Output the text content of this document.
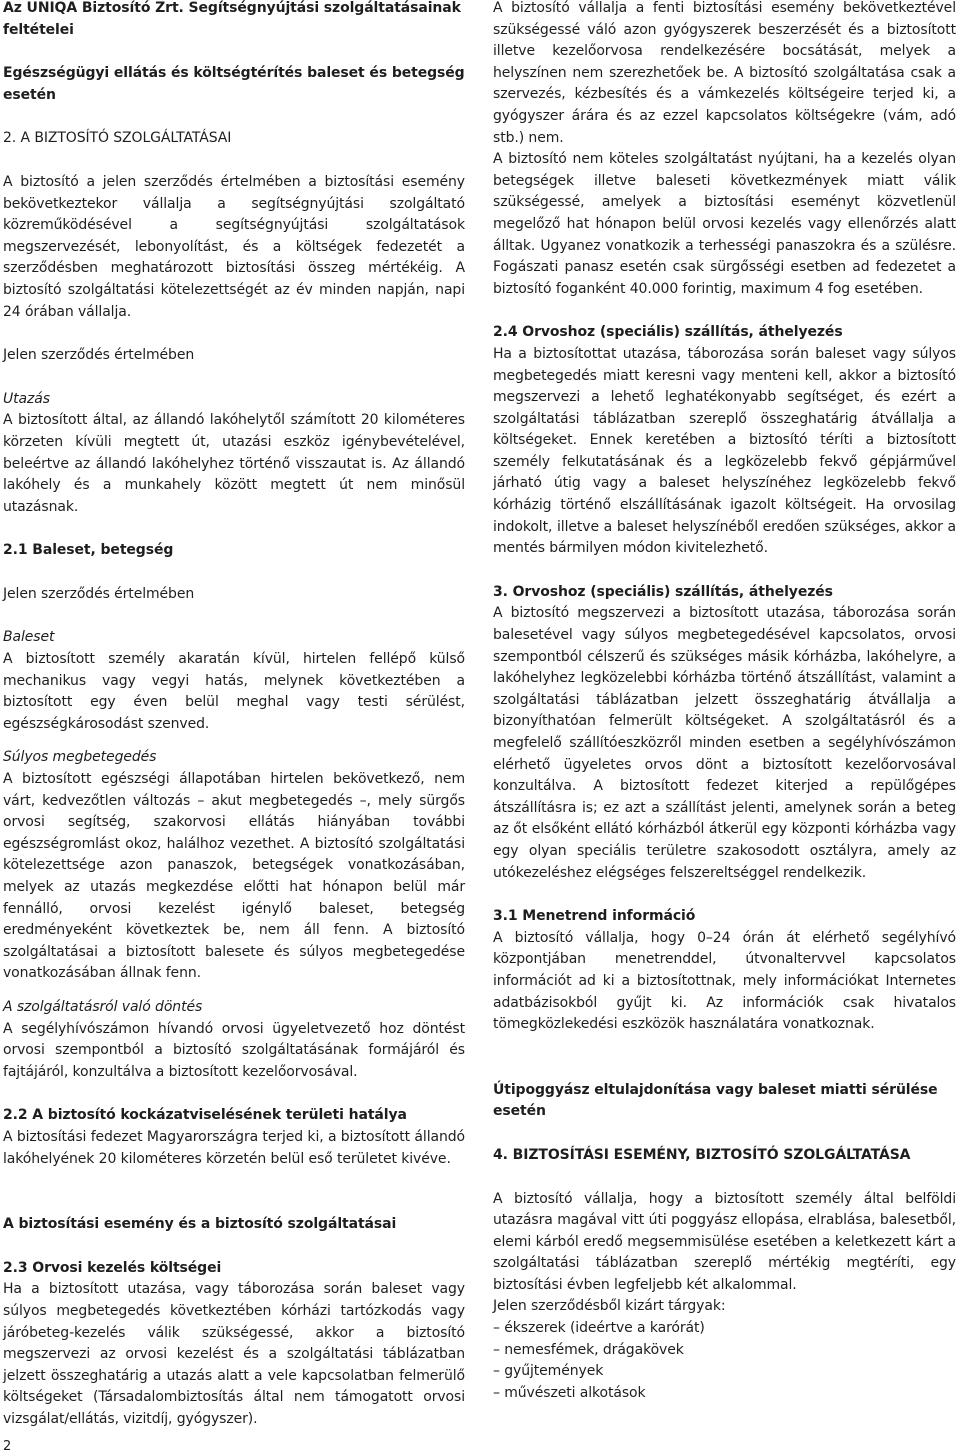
Az UNIQA Biztosító Zrt. Segítségnyújtási szolgáltatásainak feltételei

Egészségügyi ellátás és költségtérítés baleset és betegség esetén

2. A BIZTOSÍTÓ SZOLGÁLTATÁSAI

A biztosító a jelen szerződés értelmében a biztosítási esemény bekövetkeztekor vállalja a segítségnyújtási szolgáltató közreműködésével a segítségnyújtási szolgáltatások megszervezését, lebonyolítást, és a költségek fedezetét a szerződésben meghatározott biztosítási összeg mértékéig. A biztosító szolgáltatási kötelezettségét az év minden napján, napi 24 órában vállalja.

Jelen szerződés értelmében

Utazás

A biztosított által, az állandó lakóhelytől számított 20 kilométeres körzeten kívüli megtett út, utazási eszköz igénybevételével, beleértve az állandó lakóhelyhez történő visszautat is. Az állandó lakóhely és a munkahely között megtett út nem minősül utazásnak.

2.1 Baleset, betegség

Jelen szerződés értelmében

Baleset

A biztosított személy akaratán kívül, hirtelen fellépő külső mechanikus vagy vegyi hatás, melynek következtében a biztosított egy éven belül meghal vagy testi sérülést, egészségkárosodást szenved.

Súlyos megbetegedés

A biztosított egészségi állapotában hirtelen bekövetkező, nem várt, kedvezőtlen változás – akut megbetegedés –, mely sürgős orvosi segítség, szakorvosi ellátás hiányában további egészségromlást okoz, halálhoz vezethet. A biztosító szolgáltatási kötelezettsége azon panaszok, betegségek vonatkozásában, melyek az utazás megkezdése előtti hat hónapon belül már fennálló, orvosi kezelést igénylő baleset, betegség eredményeként következtek be, nem áll fenn. A biztosító szolgáltatásai a biztosított balesete és súlyos megbetegedése vonatkozásában állnak fenn.

A szolgáltatásról való döntés

A segélyhívószámon hívandó orvosi ügyeletvezető hoz döntést orvosi szempontból a biztosító szolgáltatásának formájáról és fajtájáról, konzultálva a biztosított kezelőorvosával.

2.2 A biztosító kockázatviselésének területi hatálya

A biztosítási fedezet Magyarországra terjed ki, a biztosított állandó lakóhelyének 20 kilométeres körzetén belül eső területet kivéve.

A biztosítási esemény és a biztosító szolgáltatásai

2.3 Orvosi kezelés költségei

Ha a biztosított utazása, vagy táborozása során baleset vagy súlyos megbetegedés következtében kórházi tartózkodás vagy járóbeteg-kezelés válik szükségessé, akkor a biztosító megszervezi az orvosi kezelést és a szolgáltatási táblázatban jelzett összeghatárig a utazás alatt a vele kapcsolatban felmerülő költségeket (Társadalombiztosítás által nem támogatott orvosi vizsgálat/ellátás, vizitdíj, gyógyszer).

A biztosító vállalja a fenti biztosítási esemény bekövetkeztével szükségessé váló azon gyógyszerek beszerzését és a biztosított illetve kezelőorvosa rendelkezésére bocsátását, melyek a helyszínen nem szerezhetőek be. A biztosító szolgáltatása csak a szervezés, kézbesítés és a vámkezelés költségeire terjed ki, a gyógyszer árára és az ezzel kapcsolatos költségekre (vám, adó stb.) nem.

A biztosító nem köteles szolgáltatást nyújtani, ha a kezelés olyan betegségek illetve baleseti következmények miatt válik szükségessé, amelyek a biztosítási eseményt közvetlenül megelőző hat hónapon belül orvosi kezelés vagy ellenőrzés alatt álltak. Ugyanez vonatkozik a terhességi panaszokra és a szülésre. Fogászati panasz esetén csak sürgősségi esetben ad fedezetet a biztosító foganként 40.000 forintig, maximum 4 fog esetében.

2.4 Orvoshoz (speciális) szállítás, áthelyezés

Ha a biztosítottat utazása, táborozása során baleset vagy súlyos megbetegedés miatt keresni vagy menteni kell, akkor a biztosító megszervezi a lehető leghatékonyabb segítséget, és ezért a szolgáltatási táblázatban szereplő összeghatárig átvállalja a költségeket. Ennek keretében a biztosító téríti a biztosított személy felkutatásának és a legközelebb fekvő gépjárművel járható útig vagy a baleset helyszínéhez legközelebb fekvő kórházig történő elszállításának igazolt költségeit. Ha orvosilag indokolt, illetve a baleset helyszínéből eredően szükséges, akkor a mentés bármilyen módon kivitelezhető.

3. Orvoshoz (speciális) szállítás, áthelyezés

A biztosító megszervezi a biztosított utazása, táborozása során balesetével vagy súlyos megbetegedésével kapcsolatos, orvosi szempontból célszerű és szükséges másik kórházba, lakóhelyre, a lakóhelyhez legközelebbi kórházba történő átszállítást, valamint a szolgáltatási táblázatban jelzett összeghatárig átvállalja a bizonyíthatóan felmerült költségeket. A szolgáltatásról és a megfelelő szállítóeszközről minden esetben a segélyhívószámon elérhető ügyeletes orvos dönt a biztosított kezelőorvosával konzultálva. A biztosított fedezet kiterjed a repülőgépes átszállításra is; ez azt a szállítást jelenti, amelynek során a beteg az őt elsőként ellátó kórházból átkerül egy központi kórházba vagy egy olyan speciális területre szakosodott osztályra, amely az utókezeléshez elégséges felszereltséggel rendelkezik.

3.1 Menetrend információ

A biztosító vállalja, hogy 0–24 órán át elérhető segélyhívó központjában menetrenddel, útvonaltervvel kapcsolatos információt ad ki a biztosítottnak, mely információkat Internetes adatbázisokból gyűjt ki. Az információk csak hivatalos tömegközlekedési eszközök használatára vonatkoznak.

Útipoggyász eltulajdonítása vagy baleset miatti sérülése esetén

4. BIZTOSÍTÁSI ESEMÉNY, BIZTOSÍTÓ SZOLGÁLTATÁSA

A biztosító vállalja, hogy a biztosított személy által belföldi utazásra magával vitt úti poggyász ellopása, elrablása, balesetből, elemi kárból eredő megsemmisülése esetében a keletkezett kárt a szolgáltatási táblázatban szereplő mértékig megtéríti, egy biztosítási évben legfeljebb két alkalommal.

Jelen szerződésből kizárt tárgyak:

– ékszerek (ideértve a karórát)

– nemesfémek, drágakövek

– gyűjtemények

– művészeti alkotások

2
